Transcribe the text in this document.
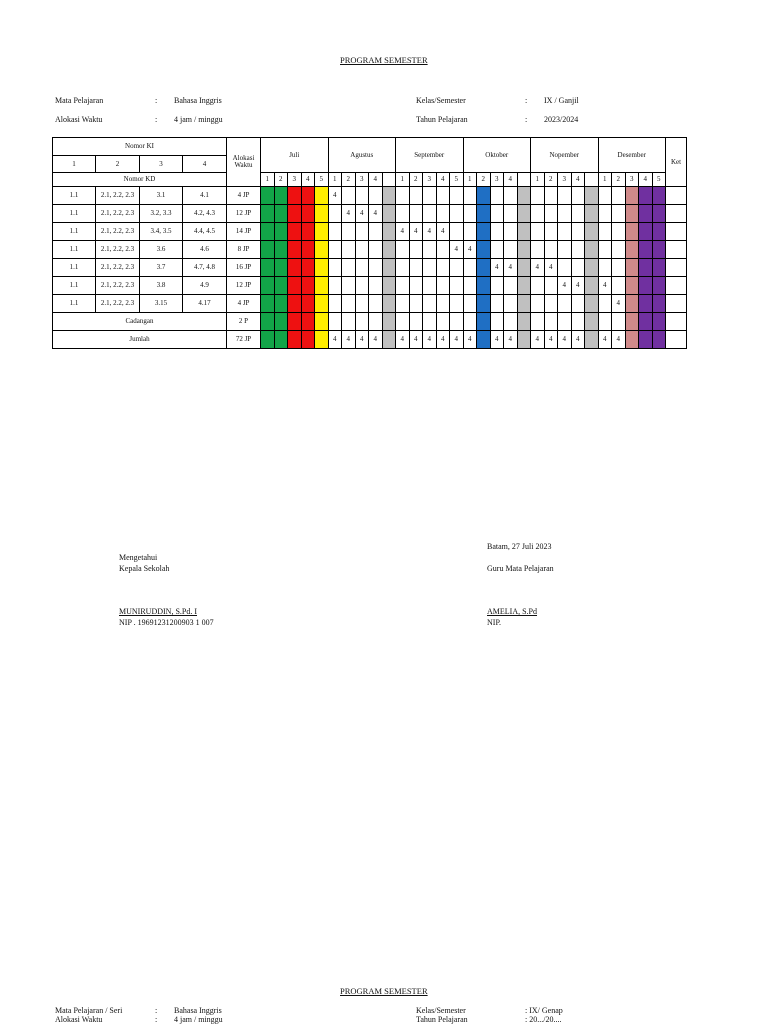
PROGRAM SEMESTER
Mata Pelajaran	: Bahasa Inggris
Alokasi Waktu	: 4 jam / minggu
Kelas/Semester	: IX / Ganjil
Tahun Pelajaran	: 2023/2024
Nomor KI				Alokasi Waktu	Juli					Agustus					September					Oktober					Nopember					Desember					Ket
1	2	3	4																																
Nomor KD					1	2	3	4	5	1	2	3	4		1	2	3	4	5	1	2	3	4		1	2	3	4		1	2	3	4	5	
1.1	2.1, 2.2, 2.3	3.1	4.1	4 JP						4																									
1.1	2.1, 2.2, 2.3	3.2, 3.3	4.2, 4.3	12 JP							4	4	4																						
1.1	2.1, 2.2, 2.3	3.4, 3.5	4.4, 4.5	14 JP											4	4	4	4																	
1.1	2.1, 2.2, 2.3	3.6	4.6	8 JP															4	4															
1.1	2.1, 2.2, 2.3	3.7	4.7, 4.8	16 JP																		4	4		4	4									
1.1	2.1, 2.2, 2.3	3.8	4.9	12 JP																							4	4		4					
1.1	2.1, 2.2, 2.3	3.15	4.17	4 JP																											4				
Cadangan				2 P																															
Jumlah				72 JP						4	4	4	4		4	4	4	4	4	4		4	4		4	4	4	4		4	4				
Mengetahui
Kepala Sekolah
MUNIRUDDIN, S.Pd. I
NIP . 19691231200903 1 007
Batam, 27 Juli 2023
Guru Mata Pelajaran
AMELIA, S.Pd
NIP.
PROGRAM SEMESTER
Mata Pelajaran / Seri	: Bahasa Inggris
Alokasi Waktu	: 4 jam / minggu
Kelas/Semester	: IX/ Genap
Tahun Pelajaran	: 20.../20....
